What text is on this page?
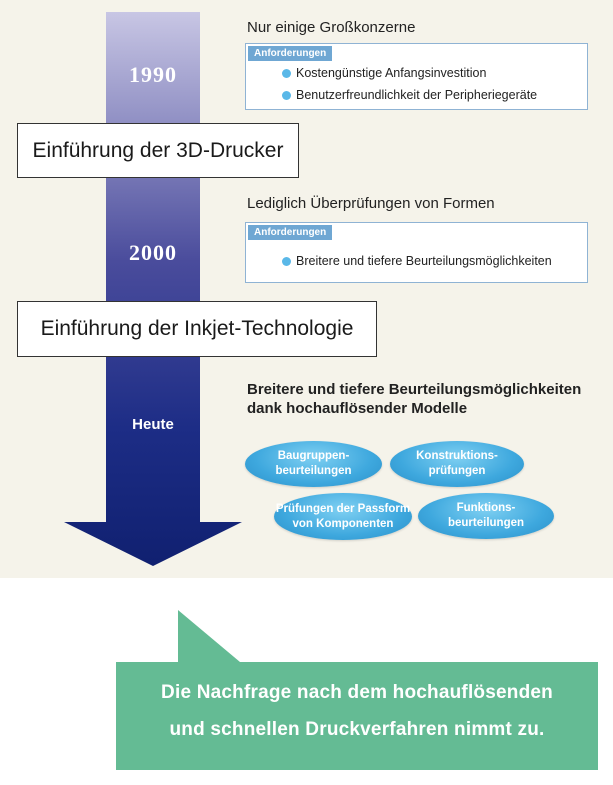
1990
2000
Heute
Einführung der 3D-Drucker
Einführung der Inkjet-Technologie
Nur einige Großkonzerne
Anforderungen
Kostengünstige Anfangsinvestition
Benutzerfreundlichkeit der Peripheriegeräte
Lediglich Überprüfungen von Formen
Anforderungen
Breitere und tiefere Beurteilungsmöglichkeiten
Breitere und tiefere Beurteilungsmöglichkeiten
dank hochauflösender Modelle
Baugruppen-
beurteilungen
Konstruktions-
prüfungen
Prüfungen der Passform
von Komponenten
Funktions-
beurteilungen
Die Nachfrage nach dem hochauflösenden
und schnellen Druckverfahren nimmt zu.
